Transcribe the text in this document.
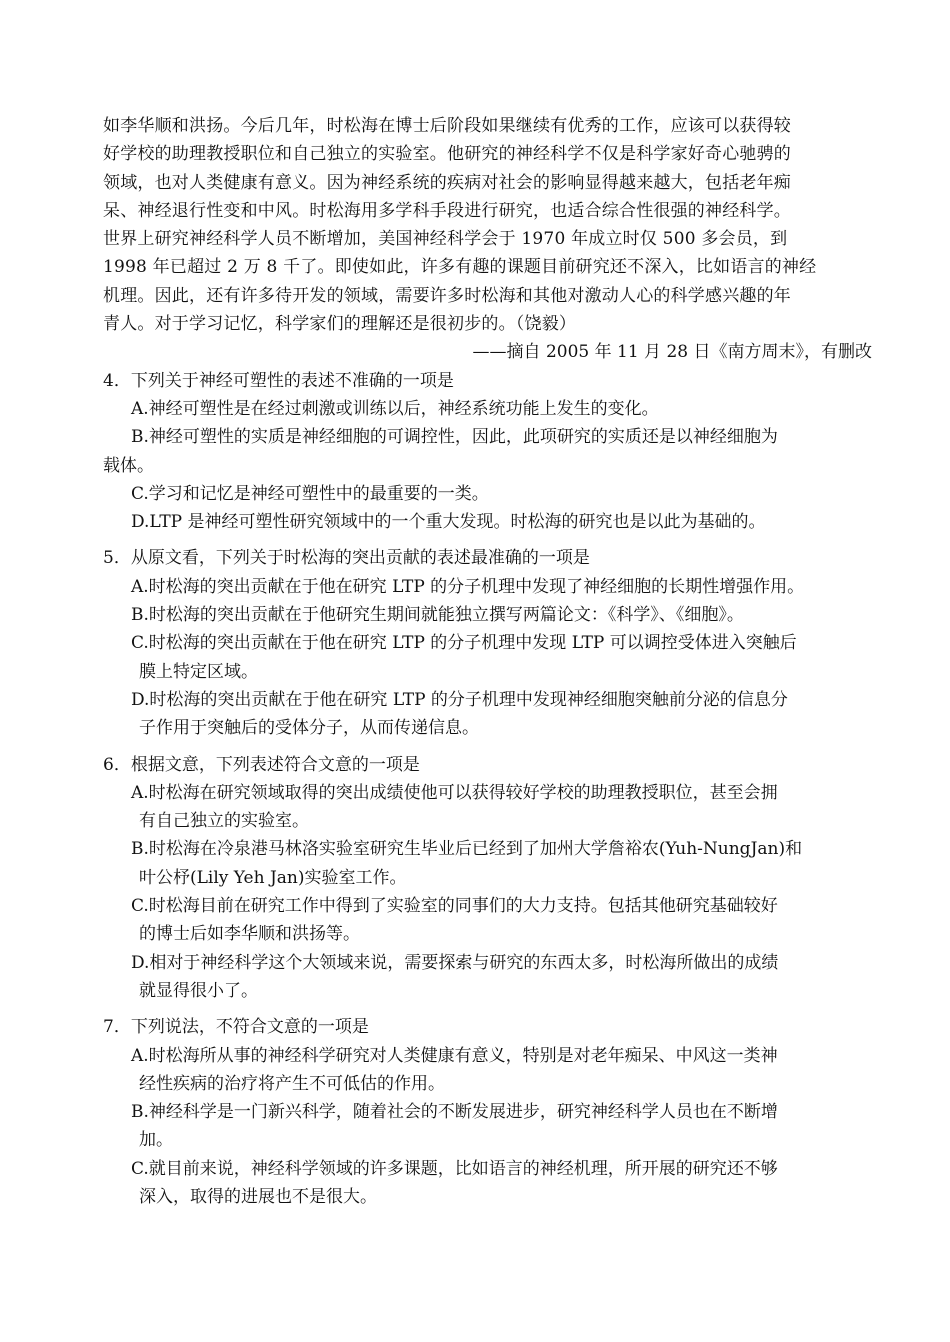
如李华顺和洪扬。今后几年，时松海在博士后阶段如果继续有优秀的工作，应该可以获得较
好学校的助理教授职位和自己独立的实验室。他研究的神经科学不仅是科学家好奇心驰骋的
领域，也对人类健康有意义。因为神经系统的疾病对社会的影响显得越来越大，包括老年痴
呆、神经退行性变和中风。时松海用多学科手段进行研究，也适合综合性很强的神经科学。
世界上研究神经科学人员不断增加，美国神经科学会于 1970 年成立时仅 500 多会员，到
1998 年已超过 2 万 8 千了。即使如此，许多有趣的课题目前研究还不深入，比如语言的神经
机理。因此，还有许多待开发的领域，需要许多时松海和其他对激动人心的科学感兴趣的年
青人。对于学习记忆，科学家们的理解还是很初步的。（饶毅）
——摘自 2005 年 11 月 28 日《南方周末》，有删改
4．下列关于神经可塑性的表述不准确的一项是
A.神经可塑性是在经过刺激或训练以后，神经系统功能上发生的变化。
B.神经可塑性的实质是神经细胞的可调控性，因此，此项研究的实质还是以神经细胞为
载体。
C.学习和记忆是神经可塑性中的最重要的一类。
D.LTP 是神经可塑性研究领域中的一个重大发现。时松海的研究也是以此为基础的。
5．从原文看，下列关于时松海的突出贡献的表述最准确的一项是
A.时松海的突出贡献在于他在研究 LTP 的分子机理中发现了神经细胞的长期性增强作用。
B.时松海的突出贡献在于他研究生期间就能独立撰写两篇论文：《科学》、《细胞》。
C.时松海的突出贡献在于他在研究 LTP 的分子机理中发现 LTP 可以调控受体进入突触后
膜上特定区域。
D.时松海的突出贡献在于他在研究 LTP 的分子机理中发现神经细胞突触前分泌的信息分
子作用于突触后的受体分子，从而传递信息。
6．根据文意，下列表述符合文意的一项是
A.时松海在研究领域取得的突出成绩使他可以获得较好学校的助理教授职位，甚至会拥
有自己独立的实验室。
B.时松海在冷泉港马林洛实验室研究生毕业后已经到了加州大学詹裕农(Yuh-NungJan)和
叶公杼(Lily Yeh Jan)实验室工作。
C.时松海目前在研究工作中得到了实验室的同事们的大力支持。包括其他研究基础较好
的博士后如李华顺和洪扬等。
D.相对于神经科学这个大领域来说，需要探索与研究的东西太多，时松海所做出的成绩
就显得很小了。
7．下列说法，不符合文意的一项是
A.时松海所从事的神经科学研究对人类健康有意义，特别是对老年痴呆、中风这一类神
经性疾病的治疗将产生不可低估的作用。
B.神经科学是一门新兴科学，随着社会的不断发展进步，研究神经科学人员也在不断增
加。
C.就目前来说，神经科学领域的许多课题，比如语言的神经机理，所开展的研究还不够
深入，取得的进展也不是很大。
